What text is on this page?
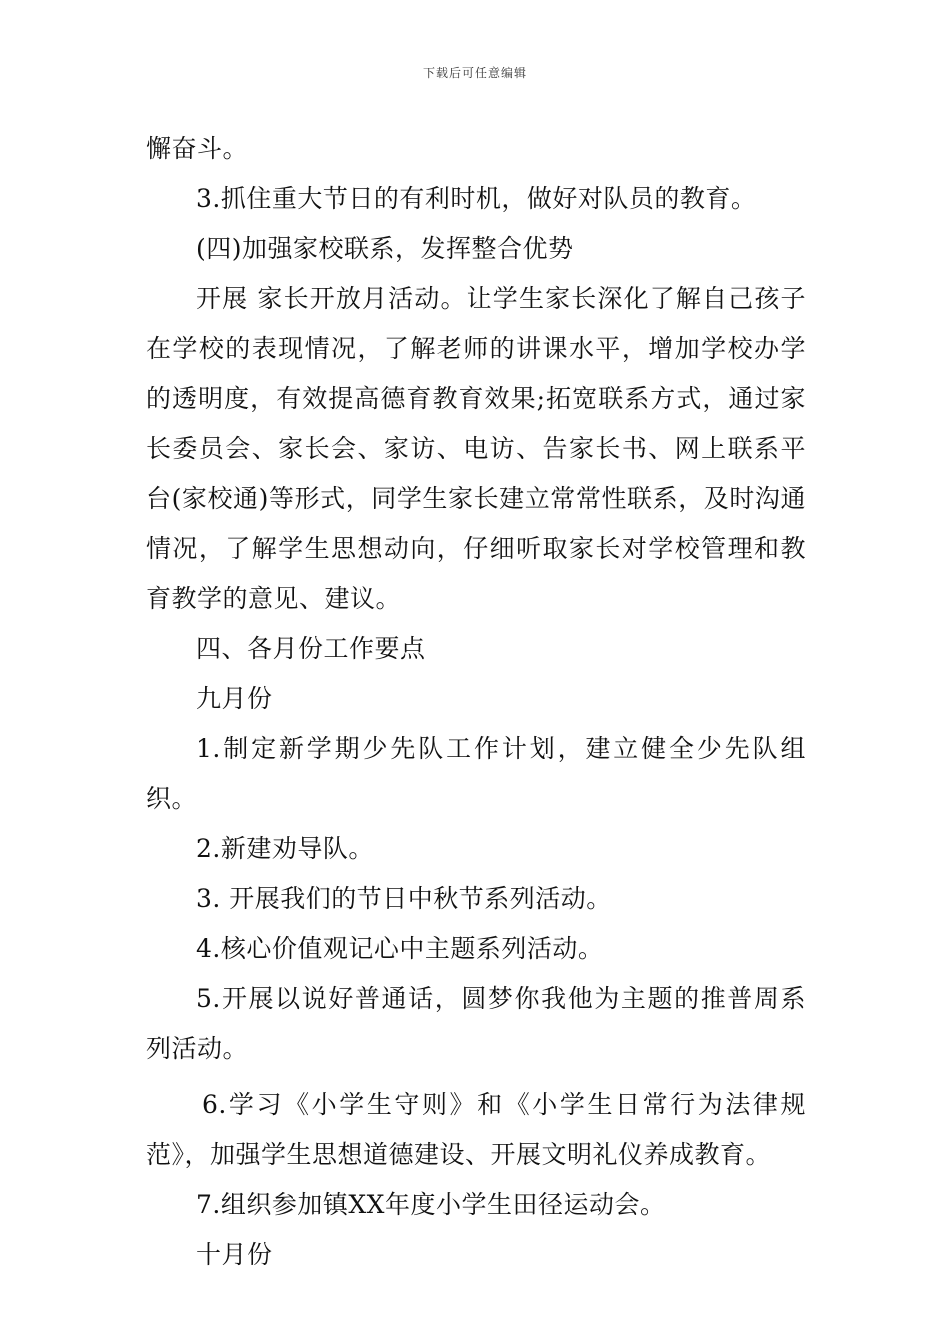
下载后可任意编辑

懈奋斗。

3.抓住重大节日的有利时机，做好对队员的教育。

(四)加强家校联系，发挥整合优势

开展 家长开放月活动。让学生家长深化了解自己孩子在学校的表现情况，了解老师的讲课水平，增加学校办学的透明度，有效提高德育教育效果;拓宽联系方式，通过家长委员会、家长会、家访、电访、告家长书、网上联系平台(家校通)等形式，同学生家长建立常常性联系，及时沟通情况，了解学生思想动向，仔细听取家长对学校管理和教育教学的意见、建议。

四、各月份工作要点

九月份

1.制定新学期少先队工作计划，建立健全少先队组织。

2.新建劝导队。

3. 开展我们的节日中秋节系列活动。

4.核心价值观记心中主题系列活动。

5.开展以说好普通话，圆梦你我他为主题的推普周系列活动。

6.学习《小学生守则》和《小学生日常行为法律规范》，加强学生思想道德建设、开展文明礼仪养成教育。

7.组织参加镇XX年度小学生田径运动会。

十月份
